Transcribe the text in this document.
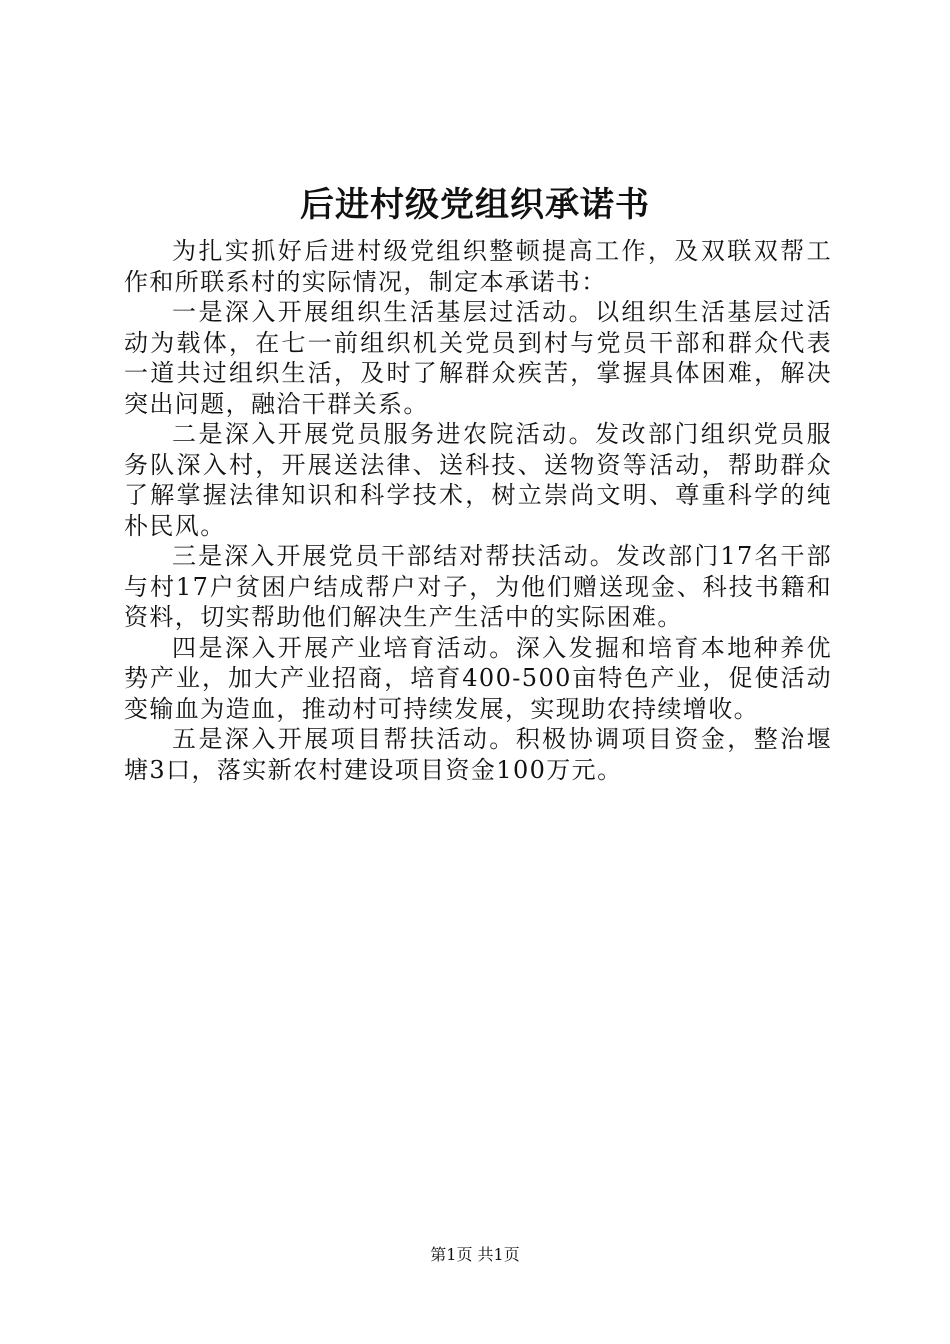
后进村级党组织承诺书

为扎实抓好后进村级党组织整顿提高工作，及双联双帮工作和所联系村的实际情况，制定本承诺书：

一是深入开展组织生活基层过活动。以组织生活基层过活动为载体，在七一前组织机关党员到村与党员干部和群众代表一道共过组织生活，及时了解群众疾苦，掌握具体困难，解决突出问题，融洽干群关系。

二是深入开展党员服务进农院活动。发改部门组织党员服务队深入村，开展送法律、送科技、送物资等活动，帮助群众了解掌握法律知识和科学技术，树立崇尚文明、尊重科学的纯朴民风。

三是深入开展党员干部结对帮扶活动。发改部门17名干部与村17户贫困户结成帮户对子，为他们赠送现金、科技书籍和资料，切实帮助他们解决生产生活中的实际困难。

四是深入开展产业培育活动。深入发掘和培育本地种养优势产业，加大产业招商，培育400-500亩特色产业，促使活动变输血为造血，推动村可持续发展，实现助农持续增收。

五是深入开展项目帮扶活动。积极协调项目资金，整治堰塘3口，落实新农村建设项目资金100万元。

第1页 共1页
